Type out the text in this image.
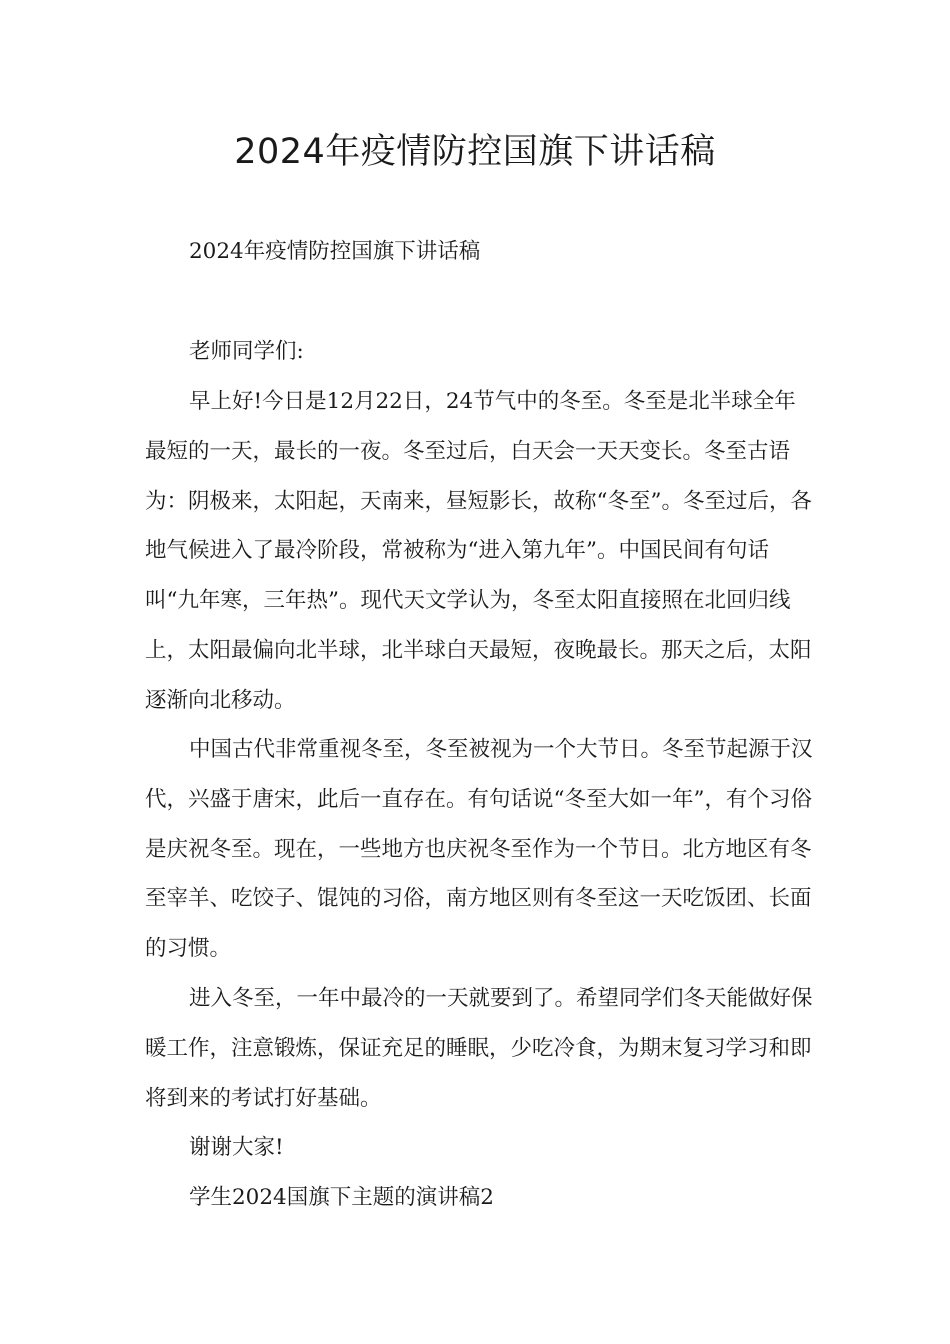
2024年疫情防控国旗下讲话稿

2024年疫情防控国旗下讲话稿

老师同学们:

早上好!今日是12月22日，24节气中的冬至。冬至是北半球全年最短的一天，最长的一夜。冬至过后，白天会一天天变长。冬至古语为：阴极来，太阳起，天南来，昼短影长，故称“冬至”。冬至过后，各地气候进入了最冷阶段，常被称为“进入第九年”。中国民间有句话叫“九年寒，三年热”。现代天文学认为，冬至太阳直接照在北回归线上，太阳最偏向北半球，北半球白天最短，夜晚最长。那天之后，太阳逐渐向北移动。

中国古代非常重视冬至，冬至被视为一个大节日。冬至节起源于汉代，兴盛于唐宋，此后一直存在。有句话说“冬至大如一年”，有个习俗是庆祝冬至。现在，一些地方也庆祝冬至作为一个节日。北方地区有冬至宰羊、吃饺子、馄饨的习俗，南方地区则有冬至这一天吃饭团、长面的习惯。

进入冬至，一年中最冷的一天就要到了。希望同学们冬天能做好保暖工作，注意锻炼，保证充足的睡眠，少吃冷食，为期末复习学习和即将到来的考试打好基础。

谢谢大家!

学生2024国旗下主题的演讲稿2
